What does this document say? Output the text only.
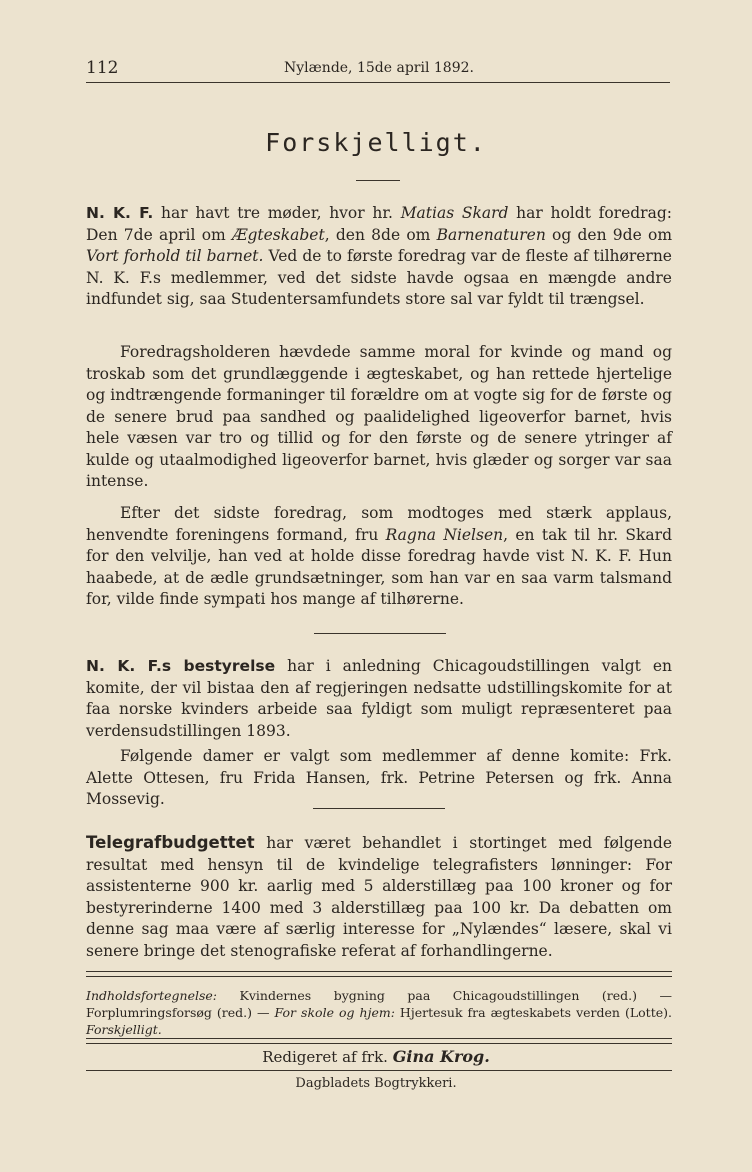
112	Nylænde, 15de april 1892.
Forskjelligt.

N. K. F. har havt tre møder, hvor hr. Matias Skard har holdt foredrag: Den 7de april om Ægteskabet, den 8de om Barnenaturen og den 9de om Vort forhold til barnet. Ved de to første foredrag var de fleste af tilhørerne N. K. F.s medlemmer, ved det sidste havde ogsaa en mængde andre indfundet sig, saa Studentersamfundets store sal var fyldt til trængsel.

Foredragsholderen hævdede samme moral for kvinde og mand og troskab som det grundlæggende i ægteskabet, og han rettede hjertelige og indtrængende formaninger til forældre om at vogte sig for de første og de senere brud paa sandhed og paalidelighed ligeoverfor barnet, hvis hele væsen var tro og tillid og for den første og de senere ytringer af kulde og utaalmodighed ligeoverfor barnet, hvis glæder og sorger var saa intense.

Efter det sidste foredrag, som modtoges med stærk applaus, henvendte foreningens formand, fru Ragna Nielsen, en tak til hr. Skard for den velvilje, han ved at holde disse foredrag havde vist N. K. F. Hun haabede, at de ædle grundsætninger, som han var en saa varm talsmand for, vilde finde sympati hos mange af tilhørerne.

N. K. F.s bestyrelse har i anledning Chicagoudstillingen valgt en komite, der vil bistaa den af regjeringen nedsatte udstillingskomite for at faa norske kvinders arbeide saa fyldigt som muligt repræsenteret paa verdensudstillingen 1893.

Følgende damer er valgt som medlemmer af denne komite: Frk. Alette Ottesen, fru Frida Hansen, frk. Petrine Petersen og frk. Anna Mossevig.

Telegrafbudgettet har været behandlet i stortinget med følgende resultat med hensyn til de kvindelige telegrafisters lønninger: For assistenterne 900 kr. aarlig med 5 alderstillæg paa 100 kroner og for bestyrerinderne 1400 med 3 alderstillæg paa 100 kr. Da debatten om denne sag maa være af særlig interesse for „Nylændes“ læsere, skal vi senere bringe det stenografiske referat af forhandlingerne.

Indholdsfortegnelse: Kvindernes bygning paa Chicagoudstillingen (red.) — Forplumringsforsøg (red.) — For skole og hjem: Hjertesuk fra ægteskabets verden (Lotte). Forskjelligt.

Redigeret af frk. Gina Krog.
Dagbladets Bogtrykkeri.
